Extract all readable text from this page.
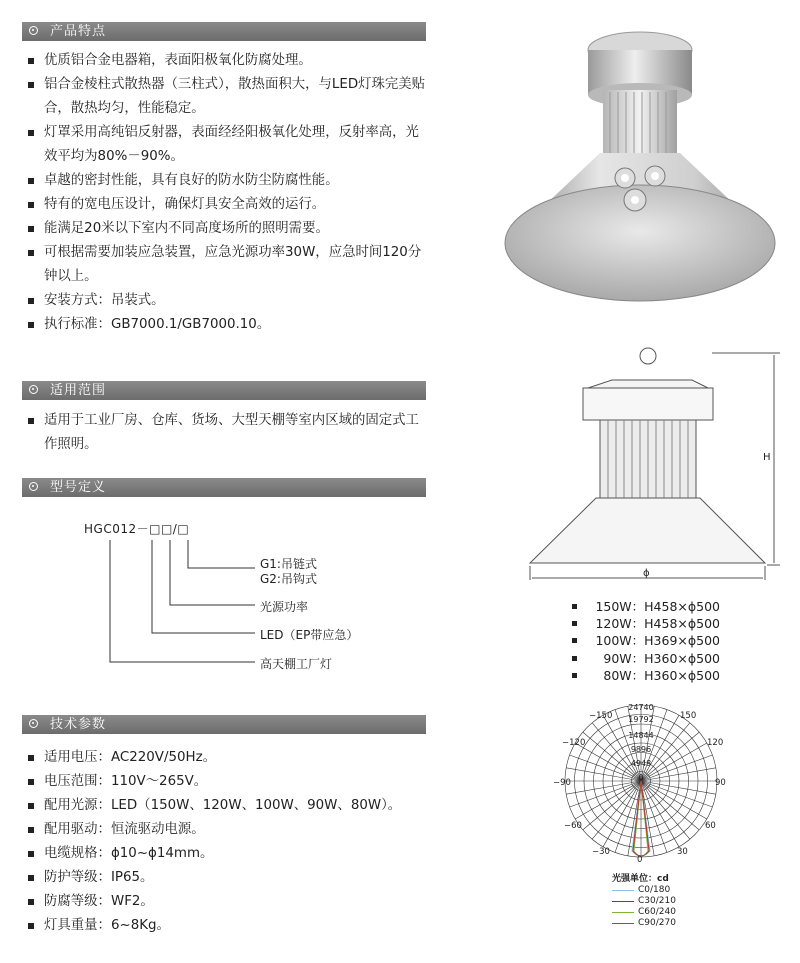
产品特点
优质铝合金电器箱，表面阳极氧化防腐处理。
铝合金棱柱式散热器（三柱式），散热面积大，与LED灯珠完美贴合，散热均匀，性能稳定。
灯罩采用高纯铝反射器，表面经经阳极氧化处理，反射率高，光效平均为80%－90%。
卓越的密封性能，具有良好的防水防尘防腐性能。
特有的宽电压设计，确保灯具安全高效的运行。
能满足20米以下室内不同高度场所的照明需要。
可根据需要加装应急装置，应急光源功率30W，应急时间120分钟以上。
安装方式：吊装式。
执行标准：GB7000.1/GB7000.10。
适用范围
适用于工业厂房、仓库、货场、大型天棚等室内区域的固定式工作照明。
型号定义
HGC012－□□/□
G1:吊链式
G2:吊钩式
光源功率
LED（EP带应急）
高天棚工厂灯
技术参数
适用电压：AC220V/50Hz。
电压范围：110V～265V。
配用光源：LED（150W、120W、100W、90W、80W）。
配用驱动：恒流驱动电源。
电缆规格：ϕ10~ϕ14mm。
防护等级：IP65。
防腐等级：WF2。
灯具重量：6~8Kg。
ϕ
H
150W：H458×ϕ500
120W：H458×ϕ500
100W：H369×ϕ500
90W：H360×ϕ500
80W：H360×ϕ500
−150	150
−120	120
−90	90
−60	60
−30	30
0
24740
19792
14844
9896
4948
0
光强单位：cd
C0/180
C30/210
C60/240
C90/270
